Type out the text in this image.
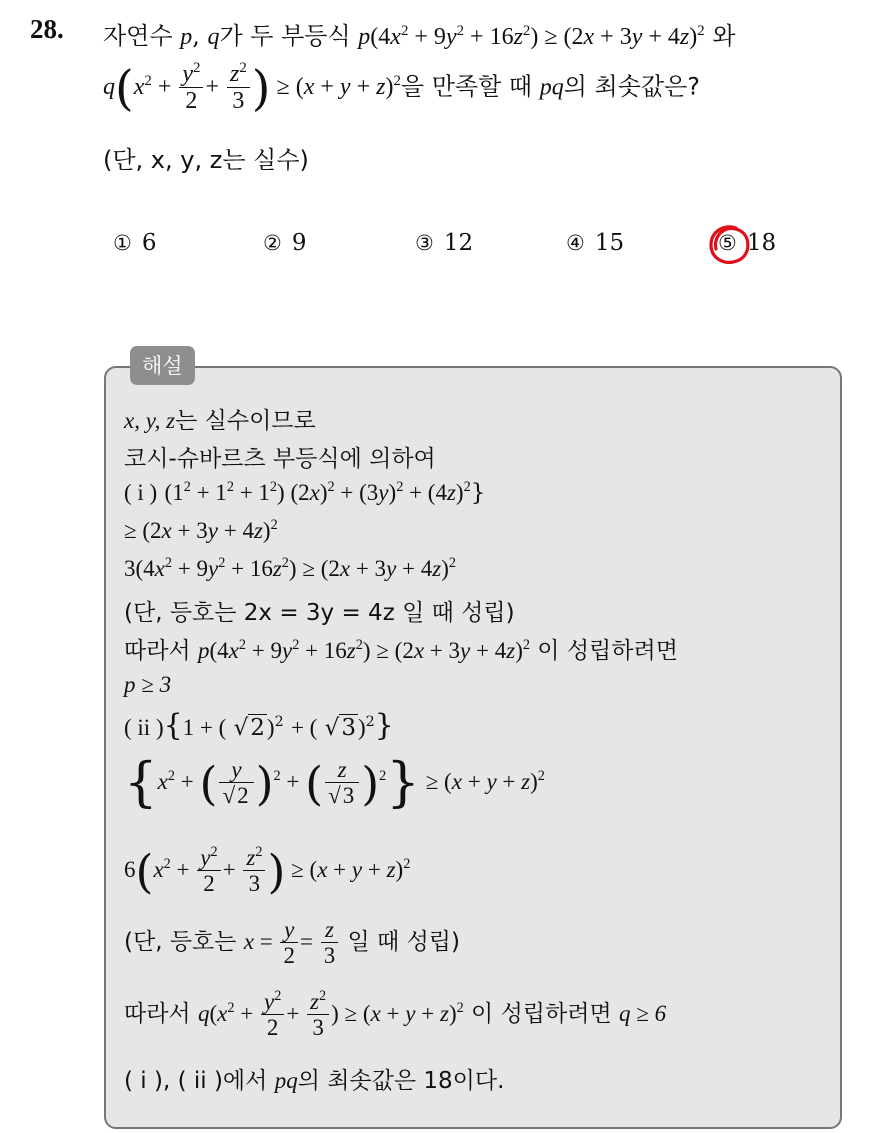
28. 자연수 p, q가 두 부등식 $p(4x^2 + 9y^2 + 16z^2) \ge (2x + 3y + 4z)^2$ 와
$q(x^2 + \frac{y^2}{2} + \frac{z^2}{3}$ ) ≥ $(x + y + z)^2$을 만족할 때 pq의 최솟값은?
(단, x, y, z는 실수)
① 6	② 9	③ 12	④ 15	⑤ 18
해설
x, y, z는 실수이므로
코시-슈바르츠 부등식에 의하여
( i ) $(1^2 + 1^2 + 1^2) (2x)^2 + (3y)^2 + (4z)^2$}
≥ $(2x + 3y + 4z)^2$
$3(4x^2 + 9y^2 + 16z^2) \ge (2x + 3y + 4z)^2$
(단, 등호는 2x = 3y = 4z 일 때 성립)
따라서 $p(4x^2 + 9y^2 + 16z^2) \ge (2x + 3y + 4z)^2$ 이 성립하려면
p ≥ 3
( ii ){1 + ( √2)$^2$ + ( √3)$^2$}
{$x^2$ + ( $\frac{y}{√2} )^2$ + ( $\frac{z}{√3} )^2\} \ge (x + y + z)^2$
$6(x^2 + \frac{y^2}{2} + \frac{z^2}{3}$ ) ≥ $(x + y + z)^2$
(단, 등호는 $x = \frac{y}{2} = \frac{z}{3}$ 일 때 성립)
따라서 $q(x^2 + \frac{y^2}{2} + \frac{z^2}{3}$ ) ≥ $(x + y + z)^2$ 이 성립하려면 q ≥ 6
( i ), ( ii )에서 pq의 최솟값은 18이다.
